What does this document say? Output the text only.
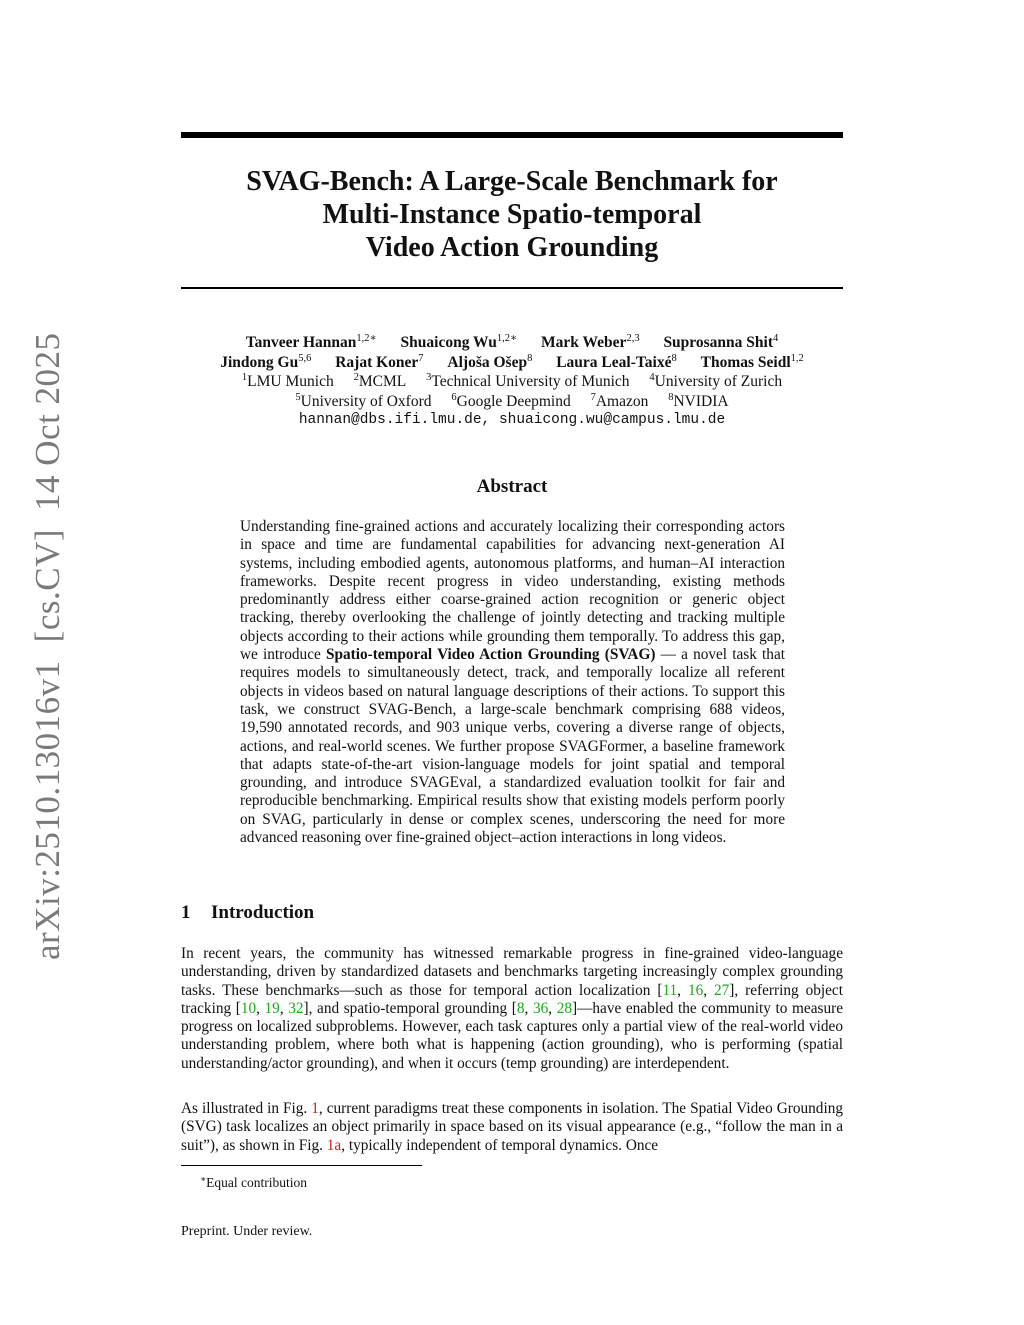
arXiv:2510.13016v1[cs.CV]14 Oct 2025
SVAG-Bench: A Large-Scale Benchmark for
Multi-Instance Spatio-temporal
Video Action Grounding
Tanveer Hannan$^{1,2∗}$ Shuaicong $Wu^{1,2∗}$ Mark Weber$^{2,3}$ Suprosanna Shit$^4$
Jindong Gu$^{5,6}$ Rajat Koner$^7$ Aljoša Ošep$^8$ Laura Leal-Taixé$^8$ Thomas Seidl$^{1,2}$
$^1$LMU Munich $^2$MCML $^3$Technical University of Munich $^4$University of Zurich
$^5$University of Oxford $^6$Google Deepmind $^7$Amazon $^8$NVIDIA
hannan@dbs.ifi.lmu.de, shuaicong.wu@campus.lmu.de
Abstract
Understanding fine-grained actions and accurately localizing their corresponding actors in space and time are fundamental capabilities for advancing next-generation AI systems, including embodied agents, autonomous platforms, and human–AI interaction frameworks. Despite recent progress in video understanding, existing methods predominantly address either coarse-grained action recognition or generic object tracking, thereby overlooking the challenge of jointly detecting and tracking multiple objects according to their actions while grounding them temporally. To address this gap, we introduce Spatio-temporal Video Action Grounding (SVAG) — a novel task that requires models to simultaneously detect, track, and temporally localize all referent objects in videos based on natural language descriptions of their actions. To support this task, we construct SVAG-Bench, a large-scale benchmark comprising 688 videos, 19,590 annotated records, and 903 unique verbs, covering a diverse range of objects, actions, and real-world scenes. We further propose SVAGFormer, a baseline framework that adapts state-of-the-art vision-language models for joint spatial and temporal grounding, and introduce SVAGEval, a standardized evaluation toolkit for fair and reproducible benchmarking. Empirical results show that existing models perform poorly on SVAG, particularly in dense or complex scenes, underscoring the need for more advanced reasoning over fine-grained object–action interactions in long videos.
1 Introduction
In recent years, the community has witnessed remarkable progress in fine-grained video-language understanding, driven by standardized datasets and benchmarks targeting increasingly complex grounding tasks. These benchmarks—such as those for temporal action localization [11, 16, 27], referring object tracking [10, 19, 32], and spatio-temporal grounding [8, 36, 28]—have enabled the community to measure progress on localized subproblems. However, each task captures only a partial view of the real-world video understanding problem, where both what is happening (action grounding), who is performing (spatial understanding/actor grounding), and when it occurs (temp grounding) are interdependent.
As illustrated in Fig. 1, current paradigms treat these components in isolation. The Spatial Video Grounding (SVG) task localizes an object primarily in space based on its visual appearance (e.g., “follow the man in a suit”), as shown in Fig. 1a, typically independent of temporal dynamics. Once
∗Equal contribution
Preprint. Under review.
